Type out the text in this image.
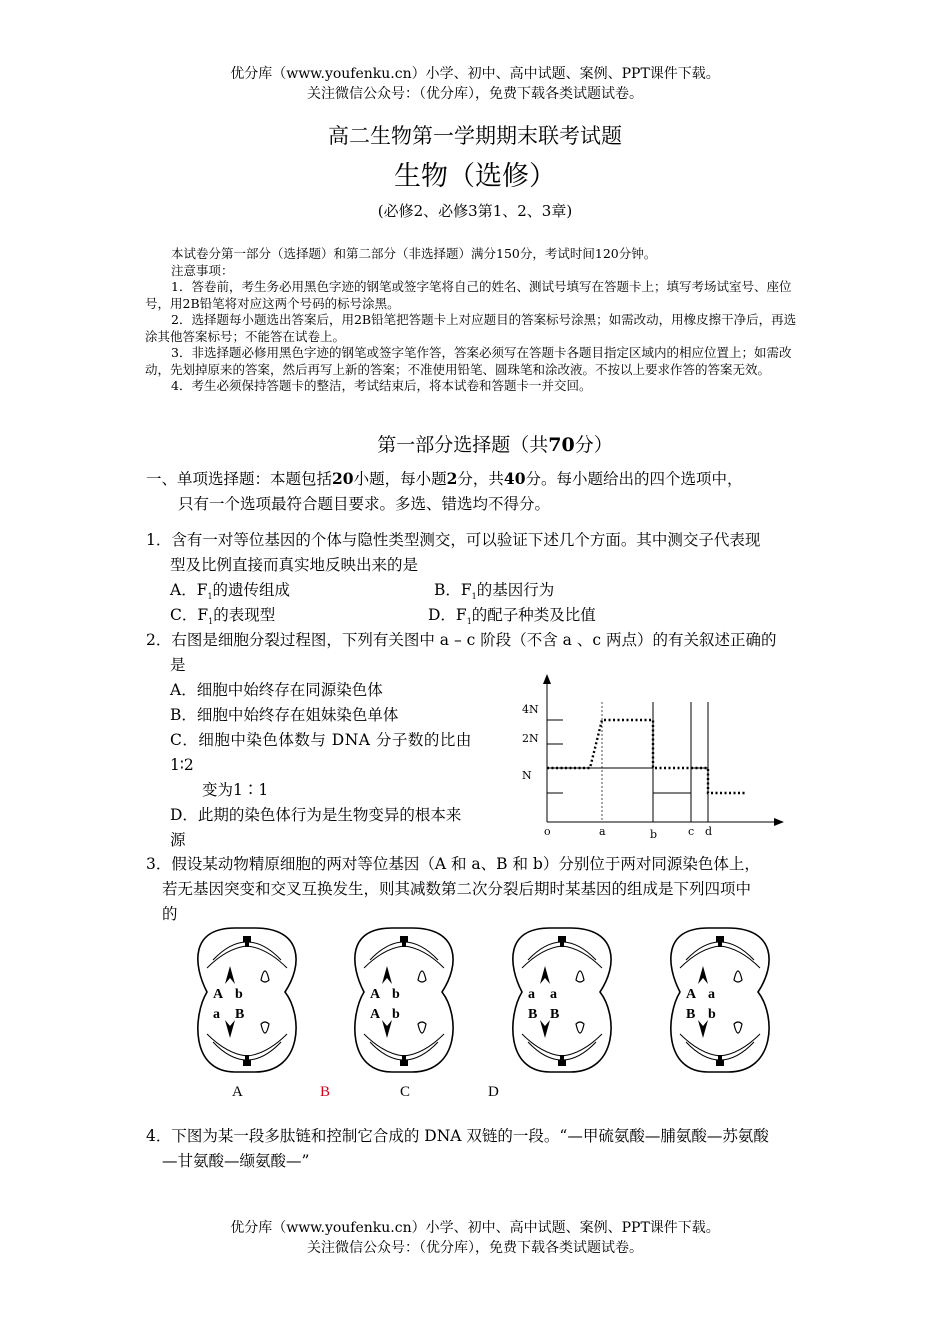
优分库（www.youfenku.cn）小学、初中、高中试题、案例、PPT课件下载。
关注微信公众号：（优分库），免费下载各类试题试卷。
高二生物第一学期期末联考试题
生物（选修）
(必修2、必修3第1、2、3章)

本试卷分第一部分（选择题）和第二部分（非选择题）满分150分，考试时间120分钟。

注意事项：

1．答卷前，考生务必用黑色字迹的钢笔或签字笔将自己的姓名、测试号填写在答题卡上；填写考场试室号、座位号，用2B铅笔将对应这两个号码的标号涂黑。

2．选择题每小题选出答案后，用2B铅笔把答题卡上对应题目的答案标号涂黑；如需改动，用橡皮擦干净后，再选涂其他答案标号；不能答在试卷上。

3．非选择题必修用黑色字迹的钢笔或签字笔作答，答案必须写在答题卡各题目指定区域内的相应位置上；如需改动，先划掉原来的答案，然后再写上新的答案；不准使用铅笔、圆珠笔和涂改液。不按以上要求作答的答案无效。

4．考生必须保持答题卡的整洁，考试结束后，将本试卷和答题卡一并交回。

第一部分选择题（共70分）
一、单项选择题：本题包括20小题，每小题2分，共40分。每小题给出的四个选项中，
只有一个选项最符合题目要求。多选、错选均不得分。
1．含有一对等位基因的个体与隐性类型测交，可以验证下述几个方面。其中测交子代表现
型及比例直接而真实地反映出来的是
A．$F_1$的遗传组成	B．$F_1$的基因行为
C．$F_1$的表现型	D．$F_1$的配子种类及比值
2．右图是细胞分裂过程图，下列有关图中 a – c 阶段（不含 a 、c 两点）的有关叙述正确的
是
A．细胞中始终存在同源染色体
B．细胞中始终存在姐妹染色单体
C．细胞中染色体数与 DNA 分子数的比由
1∶2
变为1∶1
D．此期的染色体行为是生物变异的根本来
源
4N
2N
N
o	a	b	c d
3．假设某动物精原细胞的两对等位基因（A 和 a、B 和 b）分别位于两对同源染色体上，
若无基因突变和交叉互换发生，则其减数第二次分裂后期时某基因的组成是下列四项中
的
A b
a B
A b
A b
a a
B B
A a
B b
A	B	C	D
4．下图为某一段多肽链和控制它合成的 DNA 双链的一段。“—甲硫氨酸—脯氨酸—苏氨酸
—甘氨酸—缬氨酸—”
优分库（www.youfenku.cn）小学、初中、高中试题、案例、PPT课件下载。
关注微信公众号：（优分库），免费下载各类试题试卷。
